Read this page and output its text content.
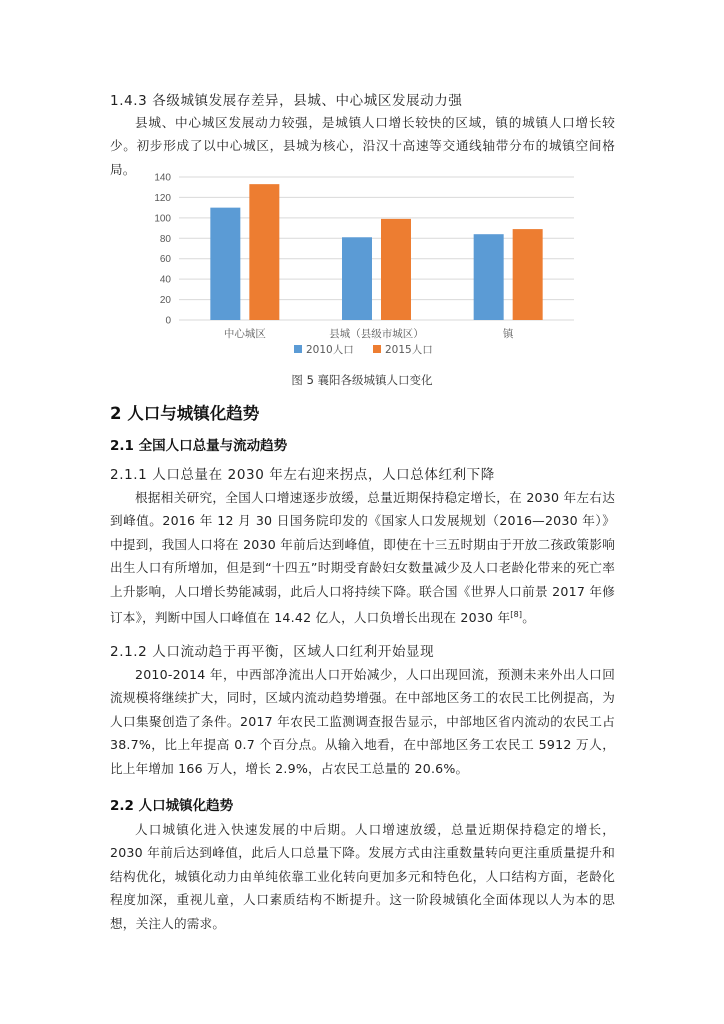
1.4.3 各级城镇发展存差异，县城、中心城区发展动力强

县城、中心城区发展动力较强，是城镇人口增长较快的区域，镇的城镇人口增长较少。初步形成了以中心城区，县城为核心，沿汉十高速等交通线轴带分布的城镇空间格局。

0
20
40
60
80
100
120
140
中心城区	县城（县级市城区）	镇
2010人口	2015人口
图 5 襄阳各级城镇人口变化
2 人口与城镇化趋势
2.1 全国人口总量与流动趋势
2.1.1 人口总量在 2030 年左右迎来拐点，人口总体红利下降

根据相关研究，全国人口增速逐步放缓，总量近期保持稳定增长，在 2030 年左右达到峰值。2016 年 12 月 30 日国务院印发的《国家人口发展规划（2016—2030 年）》中提到，我国人口将在 2030 年前后达到峰值，即使在十三五时期由于开放二孩政策影响出生人口有所增加，但是到“十四五”时期受育龄妇女数量减少及人口老龄化带来的死亡率上升影响，人口增长势能减弱，此后人口将持续下降。联合国《世界人口前景 2017 年修订本》，判断中国人口峰值在 14.42 亿人，人口负增长出现在 2030 年[8]。

2.1.2 人口流动趋于再平衡，区域人口红利开始显现

2010-2014 年，中西部净流出人口开始减少，人口出现回流，预测未来外出人口回流规模将继续扩大，同时，区域内流动趋势增强。在中部地区务工的农民工比例提高，为人口集聚创造了条件。2017 年农民工监测调查报告显示，中部地区省内流动的农民工占 38.7%，比上年提高 0.7 个百分点。从输入地看，在中部地区务工农民工 5912 万人，比上年增加 166 万人，增长 2.9%，占农民工总量的 20.6%。

2.2 人口城镇化趋势

人口城镇化进入快速发展的中后期。人口增速放缓，总量近期保持稳定的增长，2030 年前后达到峰值，此后人口总量下降。发展方式由注重数量转向更注重质量提升和结构优化，城镇化动力由单纯依靠工业化转向更加多元和特色化，人口结构方面，老龄化程度加深，重视儿童，人口素质结构不断提升。这一阶段城镇化全面体现以人为本的思想，关注人的需求。
